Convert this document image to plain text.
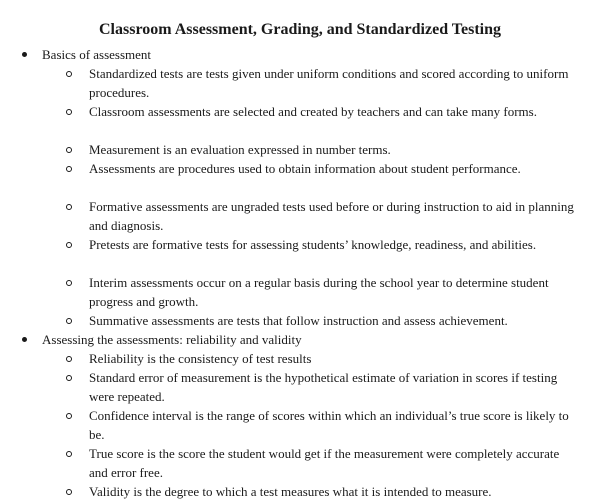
Classroom Assessment, Grading, and Standardized Testing
Basics of assessment
Standardized tests are tests given under uniform conditions and scored according to uniform procedures.
Classroom assessments are selected and created by teachers and can take many forms.
Measurement is an evaluation expressed in number terms.
Assessments are procedures used to obtain information about student performance.
Formative assessments are ungraded tests used before or during instruction to aid in planning and diagnosis.
Pretests are formative tests for assessing students’ knowledge, readiness, and abilities.
Interim assessments occur on a regular basis during the school year to determine student progress and growth.
Summative assessments are tests that follow instruction and assess achievement.
Assessing the assessments: reliability and validity
Reliability is the consistency of test results
Standard error of measurement is the hypothetical estimate of variation in scores if testing were repeated.
Confidence interval is the range of scores within which an individual’s true score is likely to be.
True score is the score the student would get if the measurement were completely accurate and error free.
Validity is the degree to which a test measures what it is intended to measure.
